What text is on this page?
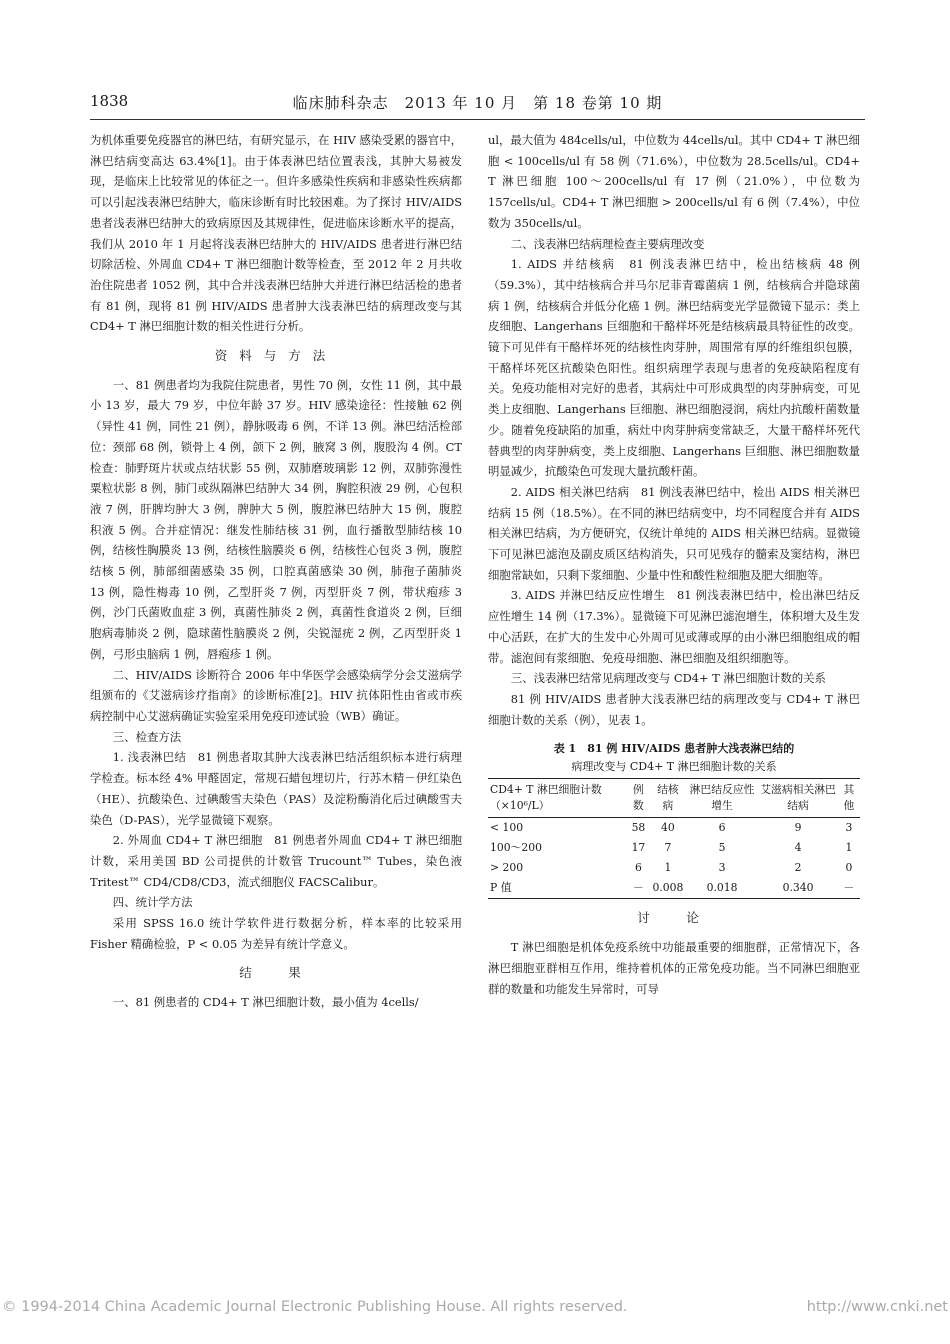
1838	临床肺科杂志　2013 年 10 月　第 18 卷第 10 期

为机体重要免疫器官的淋巴结，有研究显示，在 HIV 感染受累的器官中，淋巴结病变高达 63.4%[1]。由于体表淋巴结位置表浅，其肿大易被发现，是临床上比较常见的体征之一。但许多感染性疾病和非感染性疾病都可以引起浅表淋巴结肿大，临床诊断有时比较困难。为了探讨 HIV/AIDS 患者浅表淋巴结肿大的致病原因及其规律性，促进临床诊断水平的提高，我们从 2010 年 1 月起将浅表淋巴结肿大的 HIV/AIDS 患者进行淋巴结切除活检、外周血 CD4+ T 淋巴细胞计数等检查，至 2012 年 2 月共收治住院患者 1052 例，其中合并浅表淋巴结肿大并进行淋巴结活检的患者有 81 例，现将 81 例 HIV/AIDS 患者肿大浅表淋巴结的病理改变与其 CD4+ T 淋巴细胞计数的相关性进行分析。

资料与方法

一、81 例患者均为我院住院患者，男性 70 例，女性 11 例，其中最小 13 岁，最大 79 岁，中位年龄 37 岁。HIV 感染途径：性接触 62 例（异性 41 例，同性 21 例），静脉吸毒 6 例，不详 13 例。淋巴结活检部位：颈部 68 例，锁骨上 4 例，颌下 2 例，腋窝 3 例，腹股沟 4 例。CT 检查：肺野斑片状或点结状影 55 例，双肺磨玻璃影 12 例，双肺弥漫性粟粒状影 8 例，肺门或纵隔淋巴结肿大 34 例，胸腔积液 29 例，心包积液 7 例，肝脾均肿大 3 例，脾肿大 5 例，腹腔淋巴结肿大 15 例，腹腔积液 5 例。合并症情况：继发性肺结核 31 例，血行播散型肺结核 10 例，结核性胸膜炎 13 例，结核性脑膜炎 6 例，结核性心包炎 3 例，腹腔结核 5 例，肺部细菌感染 35 例，口腔真菌感染 30 例，肺孢子菌肺炎 13 例，隐性梅毒 10 例，乙型肝炎 7 例，丙型肝炎 7 例，带状疱疹 3 例，沙门氏菌败血症 3 例，真菌性肺炎 2 例，真菌性食道炎 2 例，巨细胞病毒肺炎 2 例，隐球菌性脑膜炎 2 例，尖锐湿疣 2 例，乙丙型肝炎 1 例，弓形虫脑病 1 例，唇疱疹 1 例。

二、HIV/AIDS 诊断符合 2006 年中华医学会感染病学分会艾滋病学组颁布的《艾滋病诊疗指南》的诊断标准[2]。HIV 抗体阳性由省或市疾病控制中心艾滋病确证实验室采用免疫印迹试验（WB）确证。

三、检查方法

1. 浅表淋巴结　81 例患者取其肿大浅表淋巴结活组织标本进行病理学检查。标本经 4% 甲醛固定，常规石蜡包埋切片，行苏木精－伊红染色（HE）、抗酸染色、过碘酸雪夫染色（PAS）及淀粉酶消化后过碘酸雪夫染色（D-PAS），光学显微镜下观察。

2. 外周血 CD4+ T 淋巴细胞　81 例患者外周血 CD4+ T 淋巴细胞计数，采用美国 BD 公司提供的计数管 Trucount™ Tubes，染色液 Tritest™ CD4/CD8/CD3，流式细胞仪 FACSCalibur。

四、统计学方法

采用 SPSS 16.0 统计学软件进行数据分析，样本率的比较采用 Fisher 精确检验，P < 0.05 为差异有统计学意义。

结　果

一、81 例患者的 CD4+ T 淋巴细胞计数，最小值为 4cells/

ul，最大值为 484cells/ul，中位数为 44cells/ul。其中 CD4+ T 淋巴细胞 < 100cells/ul 有 58 例（71.6%），中位数为 28.5cells/ul。CD4+ T 淋巴细胞 100～200cells/ul 有 17 例（21.0%），中位数为 157cells/ul。CD4+ T 淋巴细胞 > 200cells/ul 有 6 例（7.4%），中位数为 350cells/ul。

二、浅表淋巴结病理检查主要病理改变

1. AIDS 并结核病　81 例浅表淋巴结中，检出结核病 48 例（59.3%），其中结核病合并马尔尼菲青霉菌病 1 例，结核病合并隐球菌病 1 例，结核病合并低分化癌 1 例。淋巴结病变光学显微镜下显示：类上皮细胞、Langerhans 巨细胞和干酪样坏死是结核病最具特征性的改变。镜下可见伴有干酪样坏死的结核性肉芽肿，周围常有厚的纤维组织包膜，干酪样坏死区抗酸染色阳性。组织病理学表现与患者的免疫缺陷程度有关。免疫功能相对完好的患者，其病灶中可形成典型的肉芽肿病变，可见类上皮细胞、Langerhans 巨细胞、淋巴细胞浸润，病灶内抗酸杆菌数量少。随着免疫缺陷的加重，病灶中肉芽肿病变常缺乏，大量干酪样坏死代替典型的肉芽肿病变，类上皮细胞、Langerhans 巨细胞、淋巴细胞数量明显减少，抗酸染色可发现大量抗酸杆菌。

2. AIDS 相关淋巴结病　81 例浅表淋巴结中，检出 AIDS 相关淋巴结病 15 例（18.5%）。在不同的淋巴结病变中，均不同程度合并有 AIDS 相关淋巴结病，为方便研究，仅统计单纯的 AIDS 相关淋巴结病。显微镜下可见淋巴滤泡及副皮质区结构消失，只可见残存的髓索及窦结构，淋巴细胞常缺如，只剩下浆细胞、少量中性和酸性粒细胞及肥大细胞等。

3. AIDS 并淋巴结反应性增生　81 例浅表淋巴结中，检出淋巴结反应性增生 14 例（17.3%）。显微镜下可见淋巴滤泡增生，体积增大及生发中心活跃，在扩大的生发中心外周可见或薄或厚的由小淋巴细胞组成的帽带。滤泡间有浆细胞、免疫母细胞、淋巴细胞及组织细胞等。

三、浅表淋巴结常见病理改变与 CD4+ T 淋巴细胞计数的关系

81 例 HIV/AIDS 患者肿大浅表淋巴结的病理改变与 CD4+ T 淋巴细胞计数的关系（例），见表 1。

表 1　 81 例 HIV/AIDS 患者肿大浅表淋巴结的
病理改变与 CD4+ T 淋巴细胞计数的关系
CD4+ T 淋巴细胞计数（×10⁶/L）	例数	结核病	淋巴结反应性增生	艾滋病相关淋巴结病	其他
< 100	58	40	6	9	3
100～200	17	7	5	4	1
> 200	6	1	3	2	0
P 值	－	0.008	0.018	0.340	－
讨　论

T 淋巴细胞是机体免疫系统中功能最重要的细胞群，正常情况下，各淋巴细胞亚群相互作用，维持着机体的正常免疫功能。当不同淋巴细胞亚群的数量和功能发生异常时，可导

© 1994-2014 China Academic Journal Electronic Publishing House. All rights reserved.	http://www.cnki.net
